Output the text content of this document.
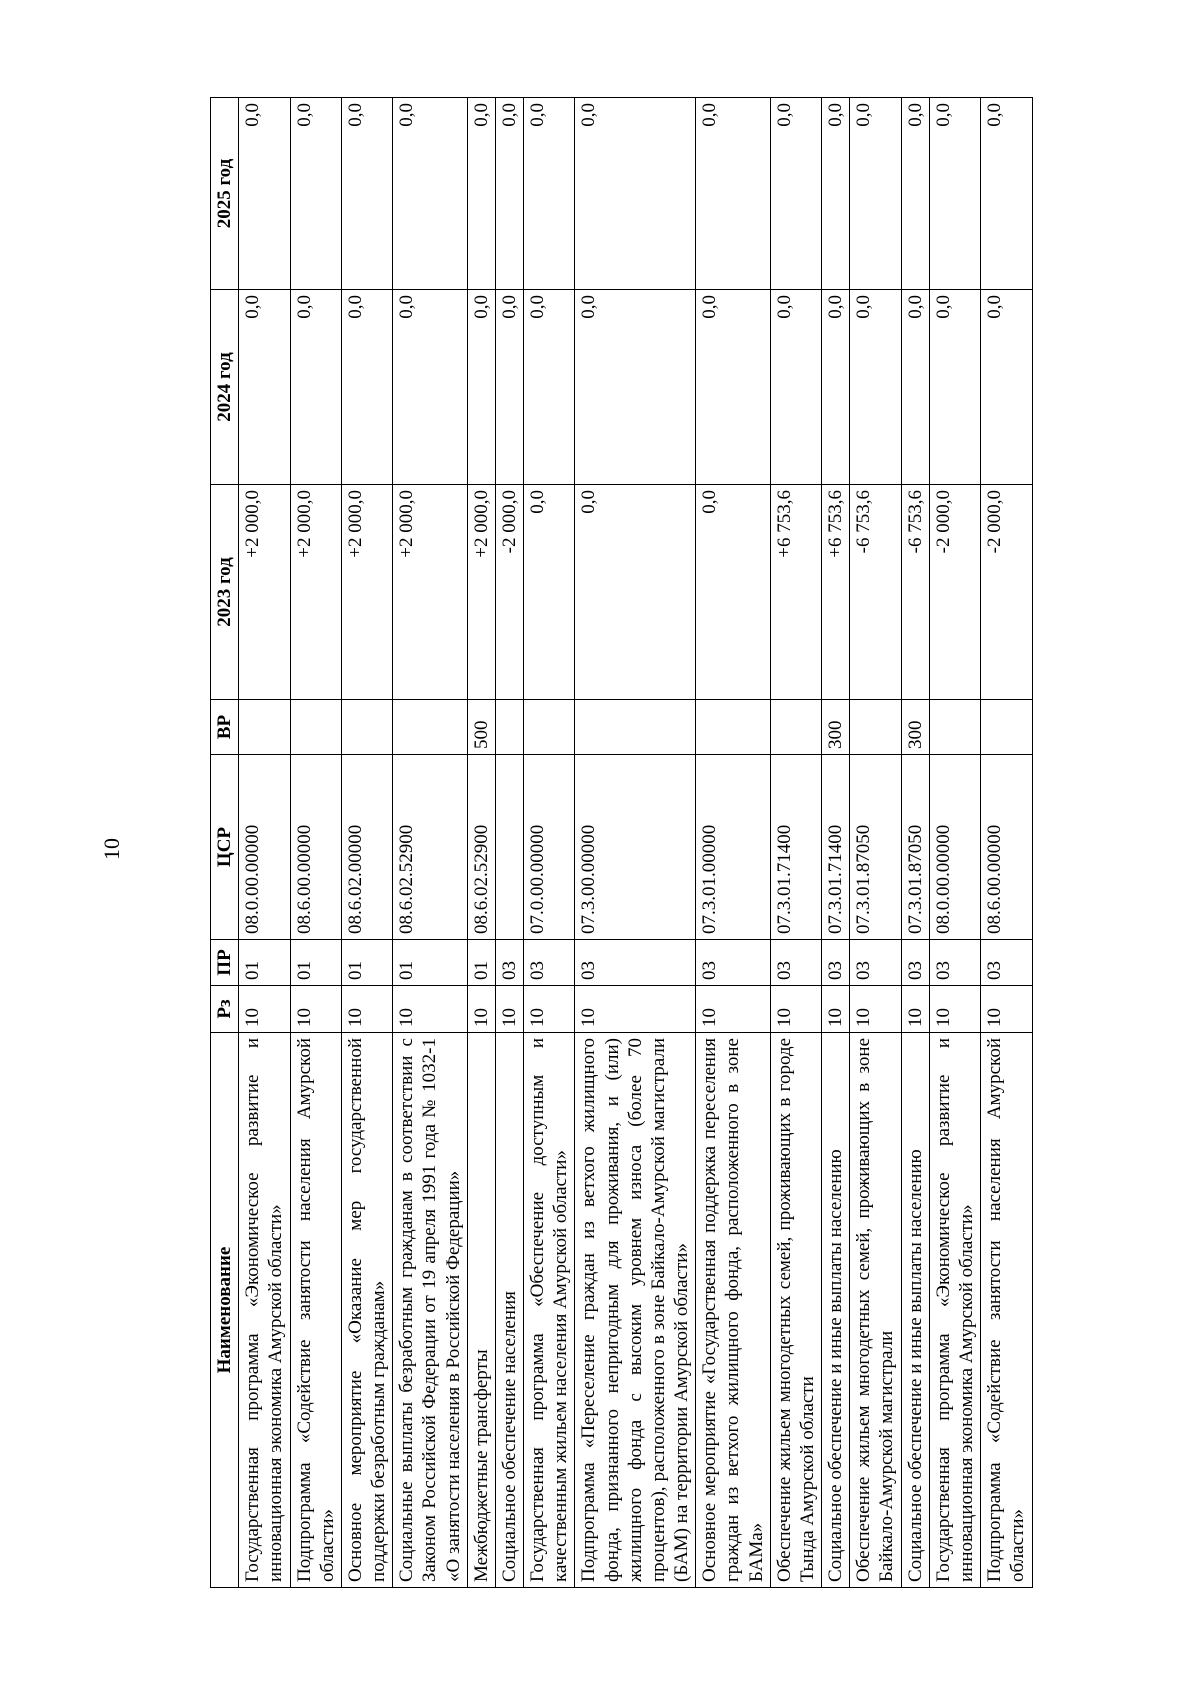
10
Наименование	Рз	ПР	ЦСР	ВР	2023 год	2024 год	2025 год
Государственная программа «Экономическое развитие и инновационная экономика Амурской области»	10	01	08.0.00.00000		+2 000,0	0,0	0,0
Подпрограмма «Содействие занятости населения Амурской области»	10	01	08.6.00.00000		+2 000,0	0,0	0,0
Основное мероприятие «Оказание мер государственной поддержки безработным гражданам»	10	01	08.6.02.00000		+2 000,0	0,0	0,0
Социальные выплаты безработным гражданам в соответствии с Законом Российской Федерации от 19 апреля 1991 года № 1032-1 «О занятости населения в Российской Федерации»	10	01	08.6.02.52900		+2 000,0	0,0	0,0
Межбюджетные трансферты	10	01	08.6.02.52900	500	+2 000,0	0,0	0,0
Социальное обеспечение населения	10	03			-2 000,0	0,0	0,0
Государственная программа «Обеспечение доступным и качественным жильем населения Амурской области»	10	03	07.0.00.00000		0,0	0,0	0,0
Подпрограмма «Переселение граждан из ветхого жилищного фонда, признанного непригодным для проживания, и (или) жилищного фонда с высоким уровнем износа (более 70 процентов), расположенного в зоне Байкало-Амурской магистрали (БАМ) на территории Амурской области»	10	03	07.3.00.00000		0,0	0,0	0,0
Основное мероприятие «Государственная поддержка переселения граждан из ветхого жилищного фонда, расположенного в зоне БАМа»	10	03	07.3.01.00000		0,0	0,0	0,0
Обеспечение жильем многодетных семей, проживающих в городе Тында Амурской области	10	03	07.3.01.71400		+6 753,6	0,0	0,0
Социальное обеспечение и иные выплаты населению	10	03	07.3.01.71400	300	+6 753,6	0,0	0,0
Обеспечение жильем многодетных семей, проживающих в зоне Байкало-Амурской магистрали	10	03	07.3.01.87050		-6 753,6	0,0	0,0
Социальное обеспечение и иные выплаты населению	10	03	07.3.01.87050	300	-6 753,6	0,0	0,0
Государственная программа «Экономическое развитие и инновационная экономика Амурской области»	10	03	08.0.00.00000		-2 000,0	0,0	0,0
Подпрограмма «Содействие занятости населения Амурской области»	10	03	08.6.00.00000		-2 000,0	0,0	0,0
